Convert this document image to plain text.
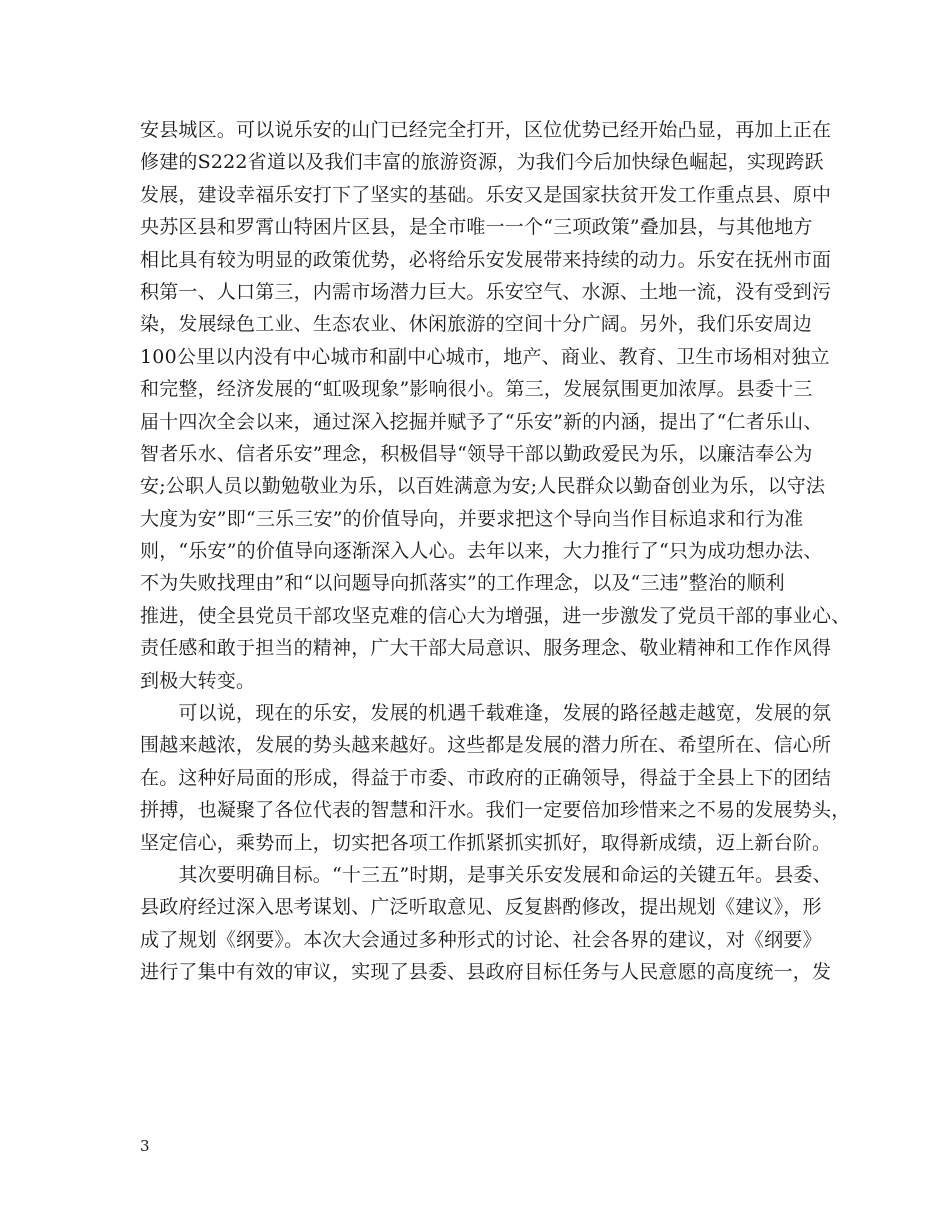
安县城区。可以说乐安的山门已经完全打开，区位优势已经开始凸显，再加上正在
修建的S222省道以及我们丰富的旅游资源，为我们今后加快绿色崛起，实现跨跃
发展，建设幸福乐安打下了坚实的基础。乐安又是国家扶贫开发工作重点县、原中
央苏区县和罗霄山特困片区县，是全市唯一一个“三项政策”叠加县，与其他地方
相比具有较为明显的政策优势，必将给乐安发展带来持续的动力。乐安在抚州市面
积第一、人口第三，内需市场潜力巨大。乐安空气、水源、土地一流，没有受到污
染，发展绿色工业、生态农业、休闲旅游的空间十分广阔。另外，我们乐安周边
100公里以内没有中心城市和副中心城市，地产、商业、教育、卫生市场相对独立
和完整，经济发展的“虹吸现象”影响很小。第三，发展氛围更加浓厚。县委十三
届十四次全会以来，通过深入挖掘并赋予了“乐安”新的内涵，提出了“仁者乐山、
智者乐水、信者乐安”理念，积极倡导“领导干部以勤政爱民为乐，以廉洁奉公为
安;公职人员以勤勉敬业为乐，以百姓满意为安;人民群众以勤奋创业为乐，以守法
大度为安”即“三乐三安”的价值导向，并要求把这个导向当作目标追求和行为准
则，“乐安”的价值导向逐渐深入人心。去年以来，大力推行了“只为成功想办法、
不为失败找理由”和“以问题导向抓落实”的工作理念，以及“三违”整治的顺利
推进，使全县党员干部攻坚克难的信心大为增强，进一步激发了党员干部的事业心、
责任感和敢于担当的精神，广大干部大局意识、服务理念、敬业精神和工作作风得
到极大转变。
　　可以说，现在的乐安，发展的机遇千载难逢，发展的路径越走越宽，发展的氛
围越来越浓，发展的势头越来越好。这些都是发展的潜力所在、希望所在、信心所
在。这种好局面的形成，得益于市委、市政府的正确领导，得益于全县上下的团结
拼搏，也凝聚了各位代表的智慧和汗水。我们一定要倍加珍惜来之不易的发展势头，
坚定信心，乘势而上，切实把各项工作抓紧抓实抓好，取得新成绩，迈上新台阶。
　　其次要明确目标。“十三五”时期，是事关乐安发展和命运的关键五年。县委、
县政府经过深入思考谋划、广泛听取意见、反复斟酌修改，提出规划《建议》，形
成了规划《纲要》。本次大会通过多种形式的讨论、社会各界的建议，对《纲要》
进行了集中有效的审议，实现了县委、县政府目标任务与人民意愿的高度统一，发
3
